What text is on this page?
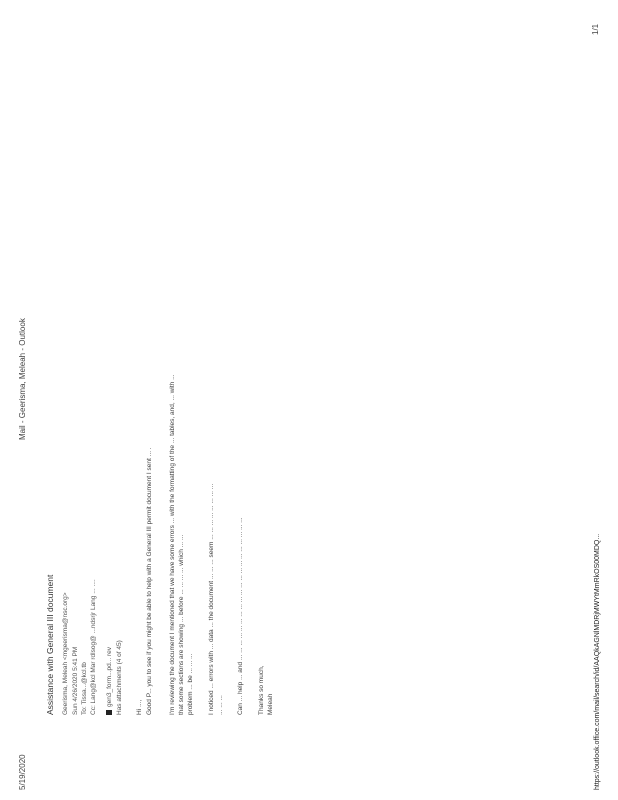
5/19/2020
Mail - Geerisma, Meleah - Outlook
Assistance with General III document Geerisma, Meleah <mgeerisma@nsc.org> Sun 4/26/2020 5:41 PM To: Tissa...@kcl.tb Cc: Lang@kcl Mar rdlsog@ ...ndsrjr Lang ... .... gen3_form...pd... rev Has attachments (4 of 45) Hi ..., Good P... you to see if you might be able to help with a General III permit document I sent ... . I'm reviewing the document I mentioned that we have some errors ... with the formatting of the ... tables, and, ... with ... that some sections are showing ... before ... ... ... ... which ... ... problem ... be ... ... ... I noticed ... errors with ... data ... the document ... ... ... seem ... ... ... ... ... ... ... ... ... ... ... Can ... help ... and ... ... ... ... ... ... ... ... ... ... ... ... ... ... ... ... ... ... ... ... Thanks so much, Meleah	https://outlook.office.com/mail/search/id/AAQkAGNlMDRjMWYtMmRkOS00MDQ...
1/1
